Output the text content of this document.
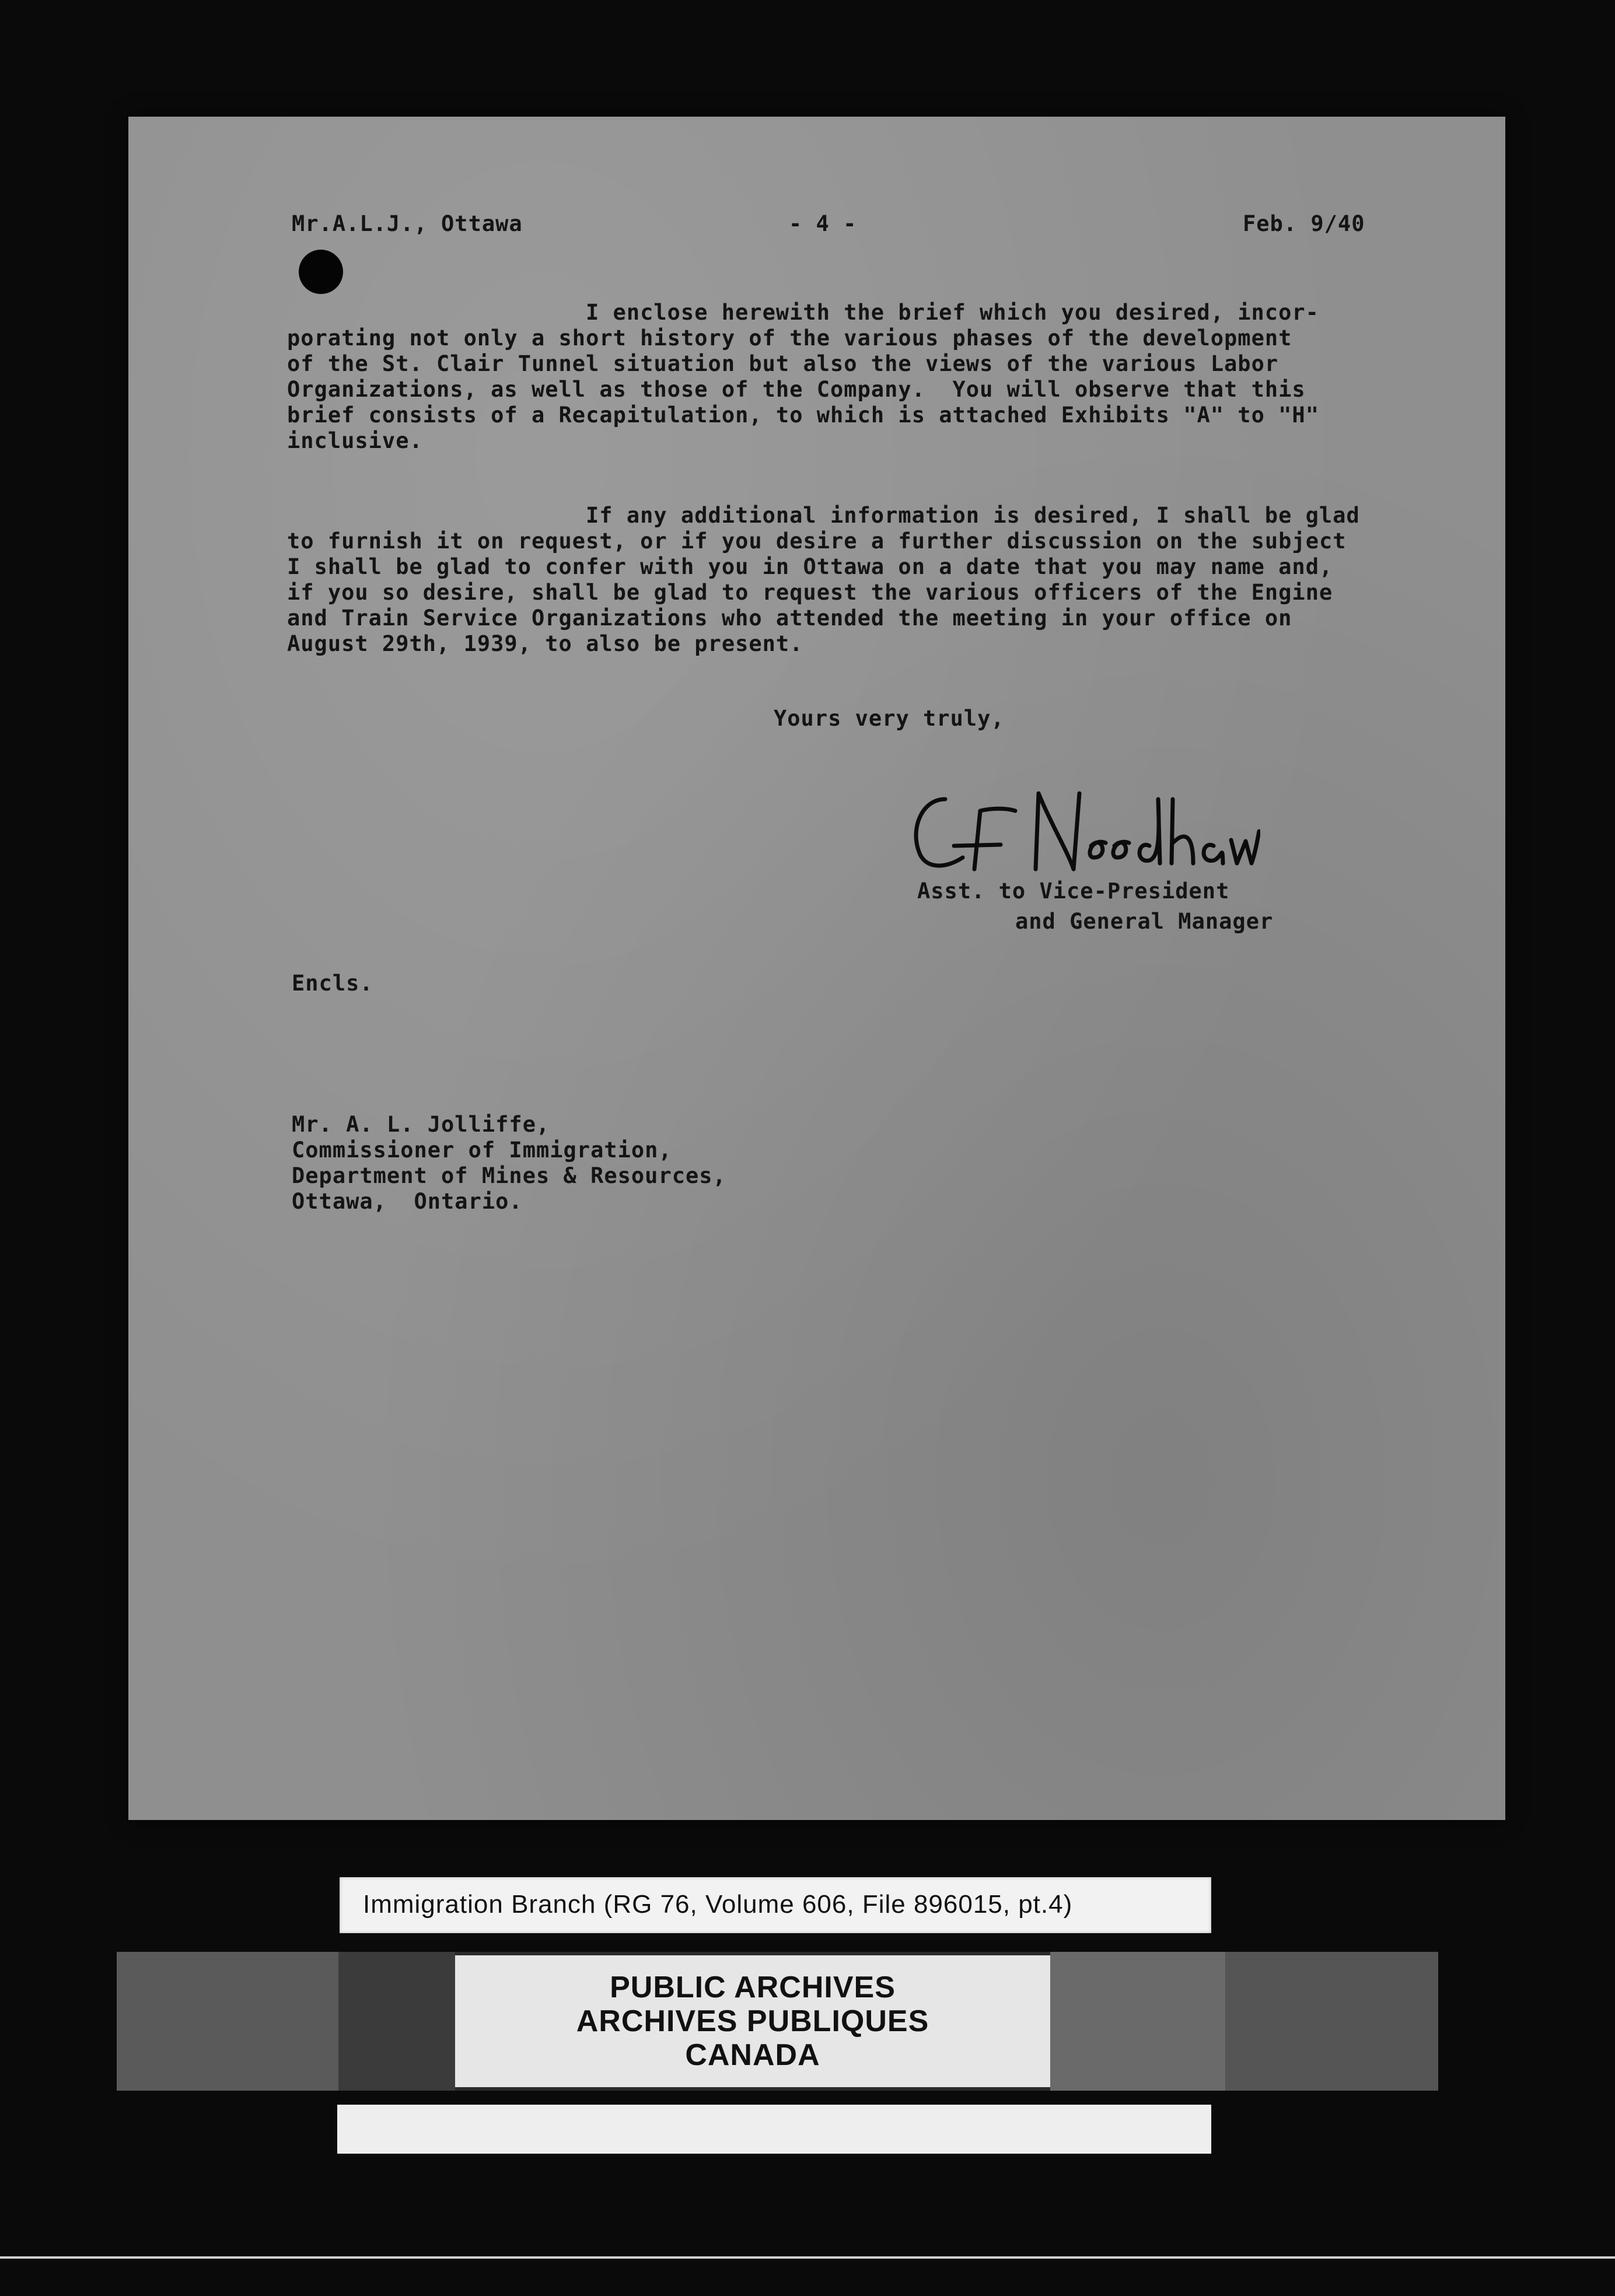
Mr.A.L.J., Ottawa	- 4 -	Feb. 9/40
I enclose herewith the brief which you desired, incor-
porating not only a short history of the various phases of the development
of the St. Clair Tunnel situation but also the views of the various Labor
Organizations, as well as those of the Company.  You will observe that this
brief consists of a Recapitulation, to which is attached Exhibits "A" to "H"
inclusive.
If any additional information is desired, I shall be glad
to furnish it on request, or if you desire a further discussion on the subject
I shall be glad to confer with you in Ottawa on a date that you may name and,
if you so desire, shall be glad to request the various officers of the Engine
and Train Service Organizations who attended the meeting in your office on
August 29th, 1939, to also be present.
Yours very truly,
Asst. to Vice-President
and General Manager
Encls.
Mr. A. L. Jolliffe,
Commissioner of Immigration,
Department of Mines & Resources,
Ottawa,  Ontario.
Immigration Branch (RG 76, Volume 606, File 896015, pt.4)
PUBLIC ARCHIVES
ARCHIVES PUBLIQUES
CANADA
